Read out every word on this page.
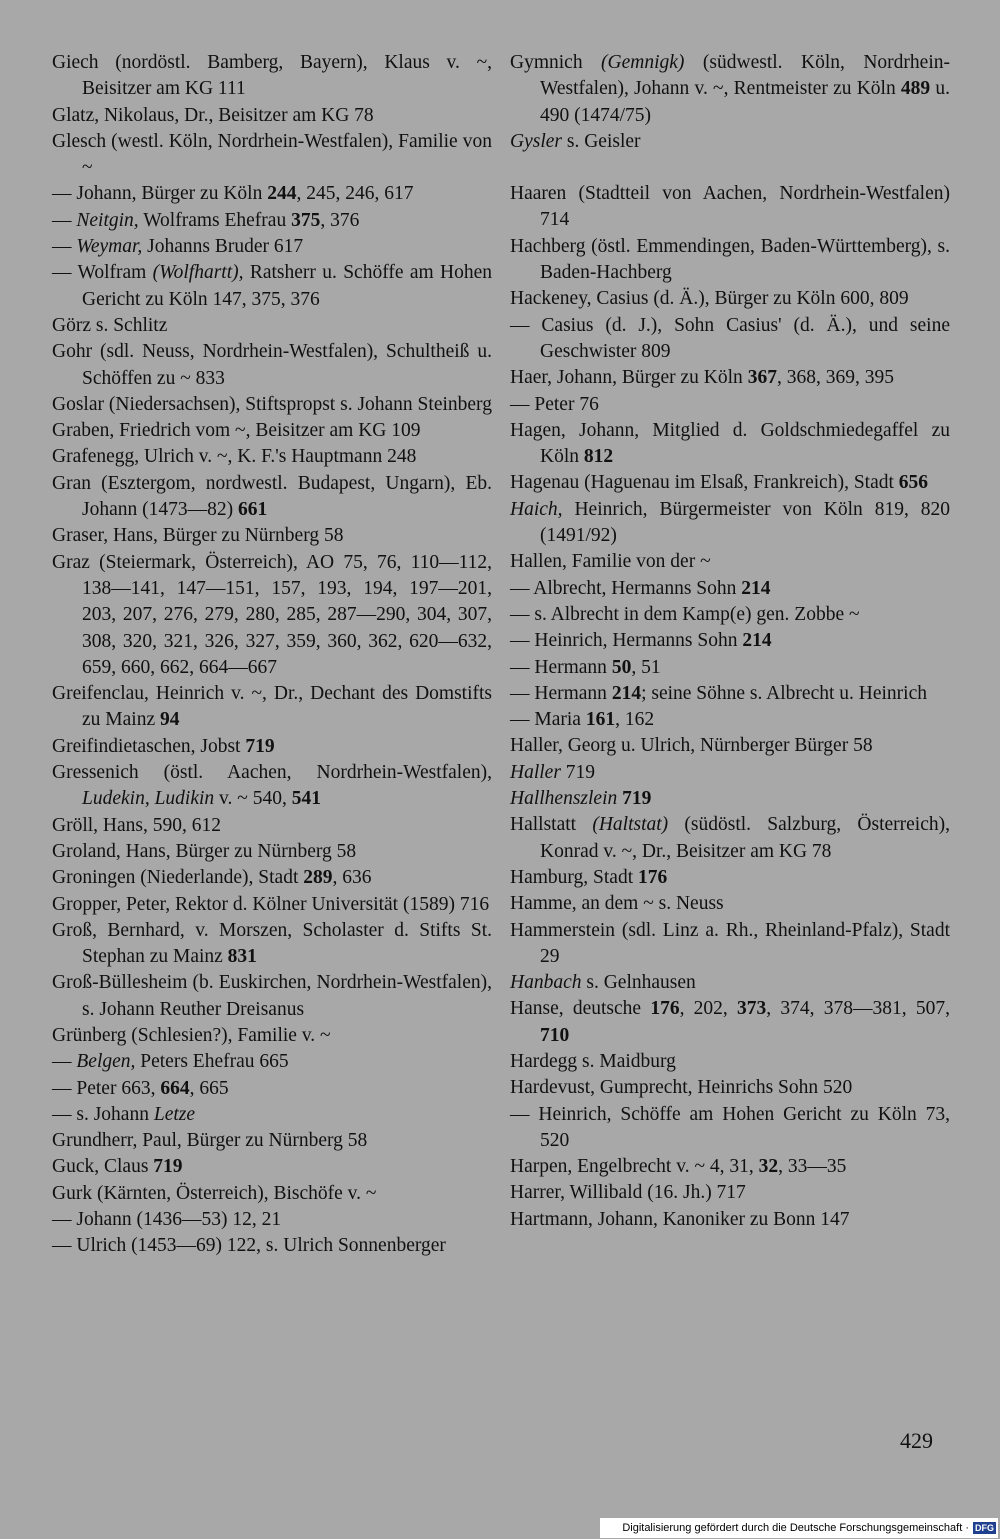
Giech (nordöstl. Bamberg, Bayern), Klaus v. ~, Beisitzer am KG 111
Glatz, Nikolaus, Dr., Beisitzer am KG 78
Glesch (westl. Köln, Nordrhein-Westfalen), Familie von ~
— Johann, Bürger zu Köln 244, 245, 246, 617
— Neitgin, Wolframs Ehefrau 375, 376
— Weymar, Johanns Bruder 617
— Wolfram (Wolfhartt), Ratsherr u. Schöffe am Hohen Gericht zu Köln 147, 375, 376
Görz s. Schlitz
Gohr (sdl. Neuss, Nordrhein-Westfalen), Schultheiß u. Schöffen zu ~ 833
Goslar (Niedersachsen), Stiftspropst s. Johann Steinberg
Graben, Friedrich vom ~, Beisitzer am KG 109
Grafenegg, Ulrich v. ~, K. F.'s Hauptmann 248
Gran (Esztergom, nordwestl. Budapest, Ungarn), Eb. Johann (1473—82) 661
Graser, Hans, Bürger zu Nürnberg 58
Graz (Steiermark, Österreich), AO 75, 76, 110—112, 138—141, 147—151, 157, 193, 194, 197—201, 203, 207, 276, 279, 280, 285, 287—290, 304, 307, 308, 320, 321, 326, 327, 359, 360, 362, 620—632, 659, 660, 662, 664—667
Greifenclau, Heinrich v. ~, Dr., Dechant des Domstifts zu Mainz 94
Greifindietaschen, Jobst 719
Gressenich (östl. Aachen, Nordrhein-Westfalen), Ludekin, Ludikin v. ~ 540, 541
Gröll, Hans, 590, 612
Groland, Hans, Bürger zu Nürnberg 58
Groningen (Niederlande), Stadt 289, 636
Gropper, Peter, Rektor d. Kölner Universität (1589) 716
Groß, Bernhard, v. Morszen, Scholaster d. Stifts St. Stephan zu Mainz 831
Groß-Büllesheim (b. Euskirchen, Nordrhein-Westfalen), s. Johann Reuther Dreisanus
Grünberg (Schlesien?), Familie v. ~
— Belgen, Peters Ehefrau 665
— Peter 663, 664, 665
— s. Johann Letze
Grundherr, Paul, Bürger zu Nürnberg 58
Guck, Claus 719
Gurk (Kärnten, Österreich), Bischöfe v. ~
— Johann (1436—53) 12, 21
— Ulrich (1453—69) 122, s. Ulrich Sonnenberger
Gymnich (Gemnigk) (südwestl. Köln, Nordrhein-Westfalen), Johann v. ~, Rentmeister zu Köln 489 u. 490 (1474/75)
Gysler s. Geisler
Haaren (Stadtteil von Aachen, Nordrhein-Westfalen) 714
Hachberg (östl. Emmendingen, Baden-Württemberg), s. Baden-Hachberg
Hackeney, Casius (d. Ä.), Bürger zu Köln 600, 809
— Casius (d. J.), Sohn Casius' (d. Ä.), und seine Geschwister 809
Haer, Johann, Bürger zu Köln 367, 368, 369, 395
— Peter 76
Hagen, Johann, Mitglied d. Goldschmiedegaffel zu Köln 812
Hagenau (Haguenau im Elsaß, Frankreich), Stadt 656
Haich, Heinrich, Bürgermeister von Köln 819, 820 (1491/92)
Hallen, Familie von der ~
— Albrecht, Hermanns Sohn 214
— s. Albrecht in dem Kamp(e) gen. Zobbe ~
— Heinrich, Hermanns Sohn 214
— Hermann 50, 51
— Hermann 214; seine Söhne s. Albrecht u. Heinrich
— Maria 161, 162
Haller, Georg u. Ulrich, Nürnberger Bürger 58
Haller 719
Hallhenszlein 719
Hallstatt (Haltstat) (südöstl. Salzburg, Österreich), Konrad v. ~, Dr., Beisitzer am KG 78
Hamburg, Stadt 176
Hamme, an dem ~ s. Neuss
Hammerstein (sdl. Linz a. Rh., Rheinland-Pfalz), Stadt 29
Hanbach s. Gelnhausen
Hanse, deutsche 176, 202, 373, 374, 378—381, 507, 710
Hardegg s. Maidburg
Hardevust, Gumprecht, Heinrichs Sohn 520
— Heinrich, Schöffe am Hohen Gericht zu Köln 73, 520
Harpen, Engelbrecht v. ~ 4, 31, 32, 33—35
Harrer, Willibald (16. Jh.) 717
Hartmann, Johann, Kanoniker zu Bonn 147
429
Digitalisierung gefördert durch die Deutsche Forschungsgemeinschaft · DFG
